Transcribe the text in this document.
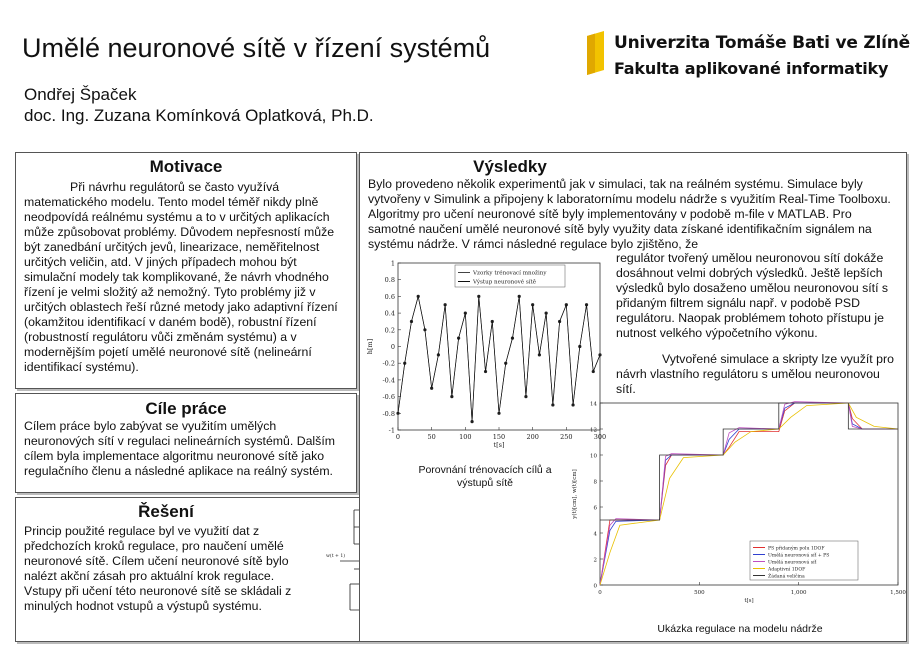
Umělé neuronové sítě v řízení systémů
Ondřej Špaček
doc. Ing. Zuzana Komínková Oplatková, Ph.D.
Univerzita Tomáše Bati ve Zlíně
Fakulta aplikované informatiky
Motivace
Při návrhu regulátorů se často využívá matematického modelu. Tento model téměř nikdy plně neodpovídá reálnému systému a to v určitých aplikacích může způsobovat problémy. Důvodem nepřesností může být zanedbání určitých jevů, linearizace, neměřitelnost určitých veličin, atd. V jiných případech mohou být simulační modely tak komplikované, že návrh vhodného řízení je velmi složitý až nemožný. Tyto problémy již v určitých oblastech řeší různé metody jako adaptivní řízení (okamžitou identifikací v daném bodě), robustní řízení (robustností regulátoru vůči změnám systému) a v modernějším pojetí umělé neuronové sítě (nelineární identifikací systému).
Cíle práce
Cílem práce bylo zabývat se využitím umělých neuronových sítí v regulaci nelineárních systémů. Dalším cílem byla implementace algoritmu neuronové sítě jako regulačního členu a následné aplikace na reálný systém.
Řešení
Princip použité regulace byl ve využití dat z předchozích kroků regulace, pro naučení umělé neuronové sítě. Cílem učení neuronové sítě bylo nalézt akční zásah pro aktuální krok regulace. Vstupy při učení této neuronové sítě se skládali z minulých hodnot vstupů a výstupů systému.
w(t + 1)
Výsledky
Bylo provedeno několik experimentů jak v simulaci, tak na reálném systému. Simulace byly vytvořeny v Simulink a připojeny k laboratornímu modelu nádrže s využitím Real-Time Toolboxu. Algoritmy pro učení neuronové sítě byly implementovány v podobě m-file v MATLAB. Pro samotné naučení umělé neuronové sítě byly využity data získané identifikačním signálem na systému nádrže. V rámci následné regulace bylo zjištěno, že
regulátor tvořený umělou neuronovou sítí dokáže dosáhnout velmi dobrých výsledků. Ještě lepších výsledků bylo dosaženo umělou neuronovou sítí s přidaným filtrem signálu např. v podobě PSD regulátoru. Naopak problémem tohoto přístupu je nutnost velkého výpočetního výkonu.
Vytvořené simulace a skripty lze využít pro návrh vlastního regulátoru s umělou neuronovou sítí.
0	50	100	150	200	250	300
-1
-0.8
-0.6
-0.4
-0.2
0
0.2
0.4
0.6
0.8
1
t[s]
h[m]
Vzorky trénovací množiny
Výstup neuronové sítě
Porovnání trénovacích cílů a výstupů sítě
0	500	1,000	1,500
0
2
4
6
8
10
12
14
t[s]
y(t)[cm], w(t)[cm]
PS přidaným polu 1DOF
Umělá neuronová síť + PS
Umělá neuronová síť
Adaptivní 1DOF
Žádaná veličina
Ukázka regulace na modelu nádrže
